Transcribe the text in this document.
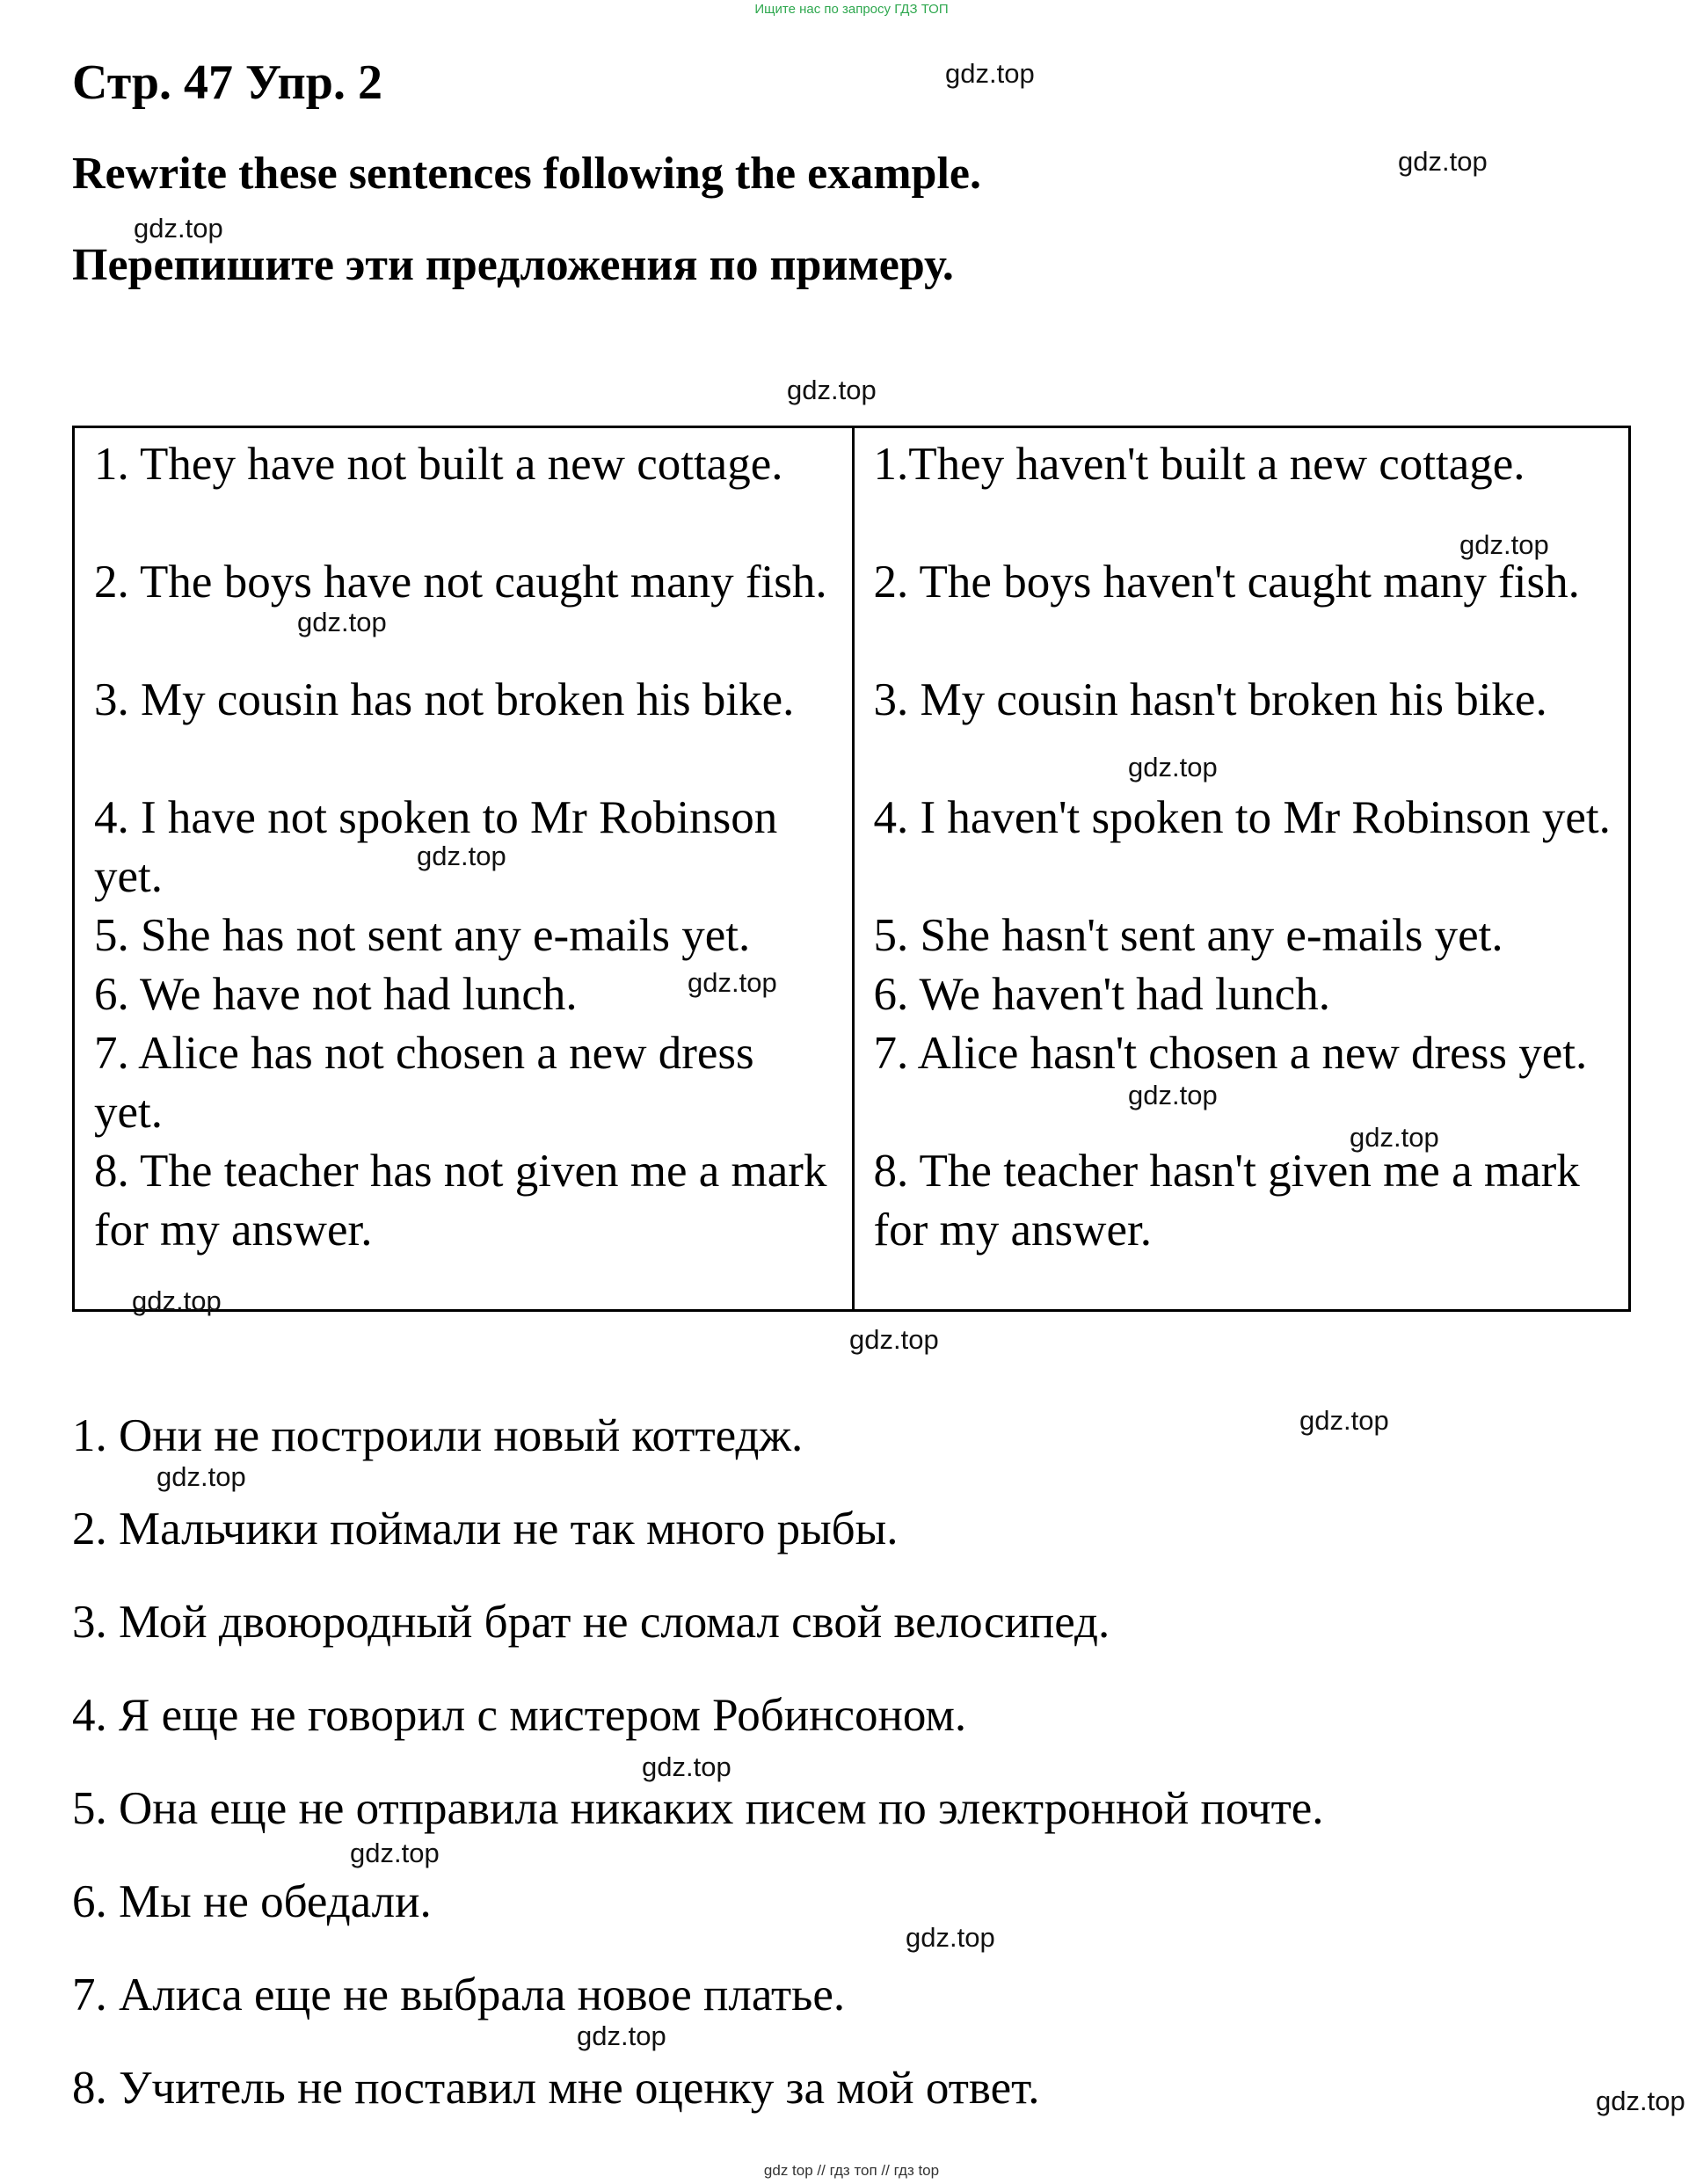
Ищите нас по запросу ГДЗ ТОП
Стр. 47 Упр. 2
Rewrite these sentences following the example.
Перепишите эти предложения по примеру.
1. They have not built a new cottage.
2. The boys have not caught many fish.
3. My cousin has not broken his bike.
4. I have not spoken to Mr Robinson yet.
5. She has not sent any e-mails yet.
6. We have not had lunch.
7. Alice has not chosen a new dress yet.
8. The teacher has not given me a mark for my answer.
1.They haven't built a new cottage.
2. The boys haven't caught many fish.
3. My cousin hasn't broken his bike.
4. I haven't spoken to Mr Robinson yet.
5. She hasn't sent any e-mails yet.
6. We haven't had lunch.
7. Alice hasn't chosen a new dress yet.
8. The teacher hasn't given me a mark for my answer.
1. Они не построили новый коттедж.
2. Мальчики поймали не так много рыбы.
3. Мой двоюродный брат не сломал свой велосипед.
4. Я еще не говорил с мистером Робинсоном.
5. Она еще не отправила никаких писем по электронной почте.
6. Мы не обедали.
7. Алиса еще не выбрала новое платье.
8. Учитель не поставил мне оценку за мой ответ.
gdz.top
gdz.top
gdz.top
gdz.top
gdz.top
gdz.top
gdz.top
gdz.top
gdz.top
gdz.top
gdz.top
gdz.top
gdz.top
gdz.top
gdz.top
gdz.top
gdz.top
gdz.top
gdz.top
gdz.top
gdz top // гдз топ // гдз top
